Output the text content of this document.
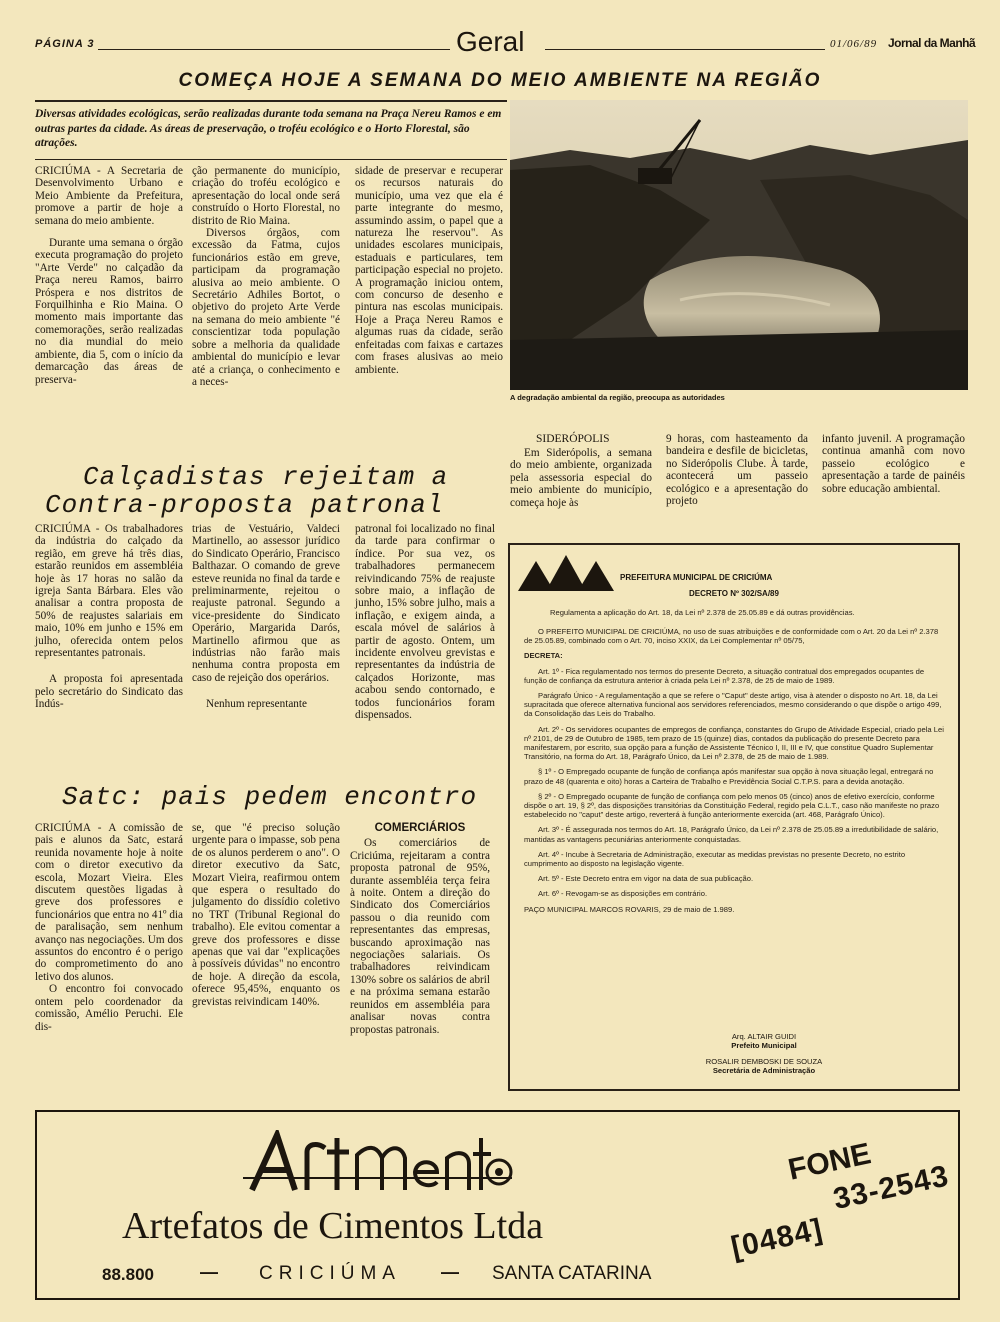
PÁGINA 3	Geral	01/06/89 Jornal da Manhã
COMEÇA HOJE A SEMANA DO MEIO AMBIENTE NA REGIÃO
Diversas atividades ecológicas, serão realizadas durante toda semana na Praça Nereu Ramos e em outras partes da cidade. As áreas de preservação, o troféu ecológico e o Horto Florestal, são atrações.

CRICIÚMA - A Secretaria de Desenvolvimento Urbano e Meio Ambiente da Prefeitura, promove a partir de hoje a semana do meio ambiente.

Durante uma semana o órgão executa programação do projeto "Arte Verde" no calçadão da Praça nereu Ramos, bairro Próspera e nos distritos de Forquilhinha e Rio Maina. O momento mais importante das comemorações, serão realizadas no dia mundial do meio ambiente, dia 5, com o início da demarcação das áreas de preserva-

ção permanente do município, criação do troféu ecológico e apresentação do local onde será construído o Horto Florestal, no distrito de Rio Maina.

Diversos órgãos, com excessão da Fatma, cujos funcionários estão em greve, participam da programação alusiva ao meio ambiente. O Secretário Adhiles Bortot, o objetivo do projeto Arte Verde na semana do meio ambiente "é conscientizar toda população sobre a melhoria da qualidade ambiental do município e levar até a criança, o conhecimento e a neces-

sidade de preservar e recuperar os recursos naturais do município, uma vez que ela é parte integrante do mesmo, assumindo assim, o papel que a natureza lhe reservou". As unidades escolares municipais, estaduais e particulares, tem participação especial no projeto. A programação iniciou ontem, com concurso de desenho e pintura nas escolas municipais. Hoje a Praça Nereu Ramos e algumas ruas da cidade, serão enfeitadas com faixas e cartazes com frases alusivas ao meio ambiente.

A degradação ambiental da região, preocupa as autoridades
SIDERÓPOLIS

Em Siderópolis, a semana do meio ambiente, organizada pela assessoria especial do meio ambiente do município, começa hoje às

9 horas, com hasteamento da bandeira e desfile de bicicletas, no Siderópolis Clube. À tarde, acontecerá um passeio ecológico e a apresentação do projeto

infanto juvenil. A programação continua amanhã com novo passeio ecológico e apresentação a tarde de painéis sobre educação ambiental.

Calçadistas rejeitam a
Contra-proposta patronal

CRICIÚMA - Os trabalhadores da indústria do calçado da região, em greve há três dias, estarão reunidos em assembléia hoje às 17 horas no salão da igreja Santa Bárbara. Eles vão analisar a contra proposta de 50% de reajustes salariais em maio, 10% em junho e 15% em julho, oferecida ontem pelos representantes patronais.

A proposta foi apresentada pelo secretário do Sindicato das Indús-

trias de Vestuário, Valdeci Martinello, ao assessor jurídico do Sindicato Operário, Francisco Balthazar. O comando de greve esteve reunida no final da tarde e preliminarmente, rejeitou o reajuste patronal. Segundo a vice-presidente do Sindicato Operário, Margarida Darós, Martinello afirmou que as indústrias não farão mais nenhuma contra proposta em caso de rejeição dos operários.

Nenhum representante

patronal foi localizado no final da tarde para confirmar o índice. Por sua vez, os trabalhadores permanecem reivindicando 75% de reajuste sobre maio, a inflação de junho, 15% sobre julho, mais a inflação, e exigem ainda, a escala móvel de salários à partir de agosto. Ontem, um incidente envolveu grevistas e representantes da indústria de calçados Horizonte, mas acabou sendo contornado, e todos funcionários foram dispensados.

Satc: pais pedem encontro

CRICIÚMA - A comissão de pais e alunos da Satc, estará reunida novamente hoje à noite com o diretor executivo da escola, Mozart Vieira. Eles discutem questões ligadas à greve dos professores e funcionários que entra no 41º dia de paralisação, sem nenhum avanço nas negociações. Um dos assuntos do encontro é o perigo do comprometimento do ano letivo dos alunos.

O encontro foi convocado ontem pelo coordenador da comissão, Amélio Peruchi. Ele dis-

se, que "é preciso solução urgente para o impasse, sob pena de os alunos perderem o ano". O diretor executivo da Satc, Mozart Vieira, reafirmou ontem que espera o resultado do julgamento do dissídio coletivo no TRT (Tribunal Regional do trabalho). Ele evitou comentar a greve dos professores e disse apenas que vai dar "explicações à possíveis dúvidas" no encontro de hoje. A direção da escola, oferece 95,45%, enquanto os grevistas reivindicam 140%.

COMERCIÁRIOS

Os comerciários de Criciúma, rejeitaram a contra proposta patronal de 95%, durante assembléia terça feira à noite. Ontem a direção do Sindicato dos Comerciários passou o dia reunido com representantes das empresas, buscando aproximação nas negociações salariais. Os trabalhadores reivindicam 130% sobre os salários de abril e na próxima semana estarão reunidos em assembléia para analisar novas contra propostas patronais.

PREFEITURA MUNICIPAL DE CRICIÚMA
DECRETO Nº 302/SA/89
Regulamenta a aplicação do Art. 18, da Lei nº 2.378 de 25.05.89 e dá outras providências.

O PREFEITO MUNICIPAL DE CRICIÚMA, no uso de suas atribuições e de conformidade com o Art. 20 da Lei nº 2.378 de 25.05.89, combinado com o Art. 70, inciso XXIX, da Lei Complementar nº 05/75,

DECRETA:

Art. 1º - Fica regulamentado nos termos do presente Decreto, a situação contratual dos empregados ocupantes de função de confiança da estrutura anterior à criada pela Lei nº 2.378, de 25 de maio de 1989.

Parágrafo Único - A regulamentação a que se refere o "Caput" deste artigo, visa à atender o disposto no Art. 18, da Lei supracitada que oferece alternativa funcional aos servidores referenciados, mesmo considerando o que dispõe o artigo 499, da Consolidação das Leis do Trabalho.

Art. 2º - Os servidores ocupantes de empregos de confiança, constantes do Grupo de Atividade Especial, criado pela Lei nº 2101, de 29 de Outubro de 1985, tem prazo de 15 (quinze) dias, contados da publicação do presente Decreto para manifestarem, por escrito, sua opção para a função de Assistente Técnico I, II, III e IV, que constitue Quadro Suplementar Transitório, na forma do Art. 18, Parágrafo Único, da Lei nº 2.378, de 25 de maio de 1.989.

§ 1º - O Empregado ocupante de função de confiança após manifestar sua opção à nova situação legal, entregará no prazo de 48 (quarenta e oito) horas a Carteira de Trabalho e Previdência Social C.T.P.S. para a devida anotação.

§ 2º - O Empregado ocupante de função de confiança com pelo menos 05 (cinco) anos de efetivo exercício, conforme dispõe o art. 19, § 2º, das disposições transitórias da Constituição Federal, regido pela C.L.T., caso não manifeste no prazo estabelecido no "caput" deste artigo, reverterá à função anteriormente exercida (art. 468, Parágrafo Único).

Art. 3º - É assegurada nos termos do Art. 18, Parágrafo Único, da Lei nº 2.378 de 25.05.89 a irredutibilidade de salário, mantidas as vantagens pecuniárias anteriormente conquistadas.

Art. 4º - Incube à Secretaria de Administração, executar as medidas previstas no presente Decreto, no estrito cumprimento ao disposto na legislação vigente.

Art. 5º - Este Decreto entra em vigor na data de sua publicação.

Art. 6º - Revogam-se as disposições em contrário.

PAÇO MUNICIPAL MARCOS ROVARIS, 29 de maio de 1.989.

Arq. ALTAIR GUIDI
Prefeito Municipal
ROSALIR DEMBOSKI DE SOUZA
Secretária de Administração
Artefatos de Cimentos Ltda
88.800	— CRICIÚMA — SANTA CATARINA
FONE
[0484]
33-2543
